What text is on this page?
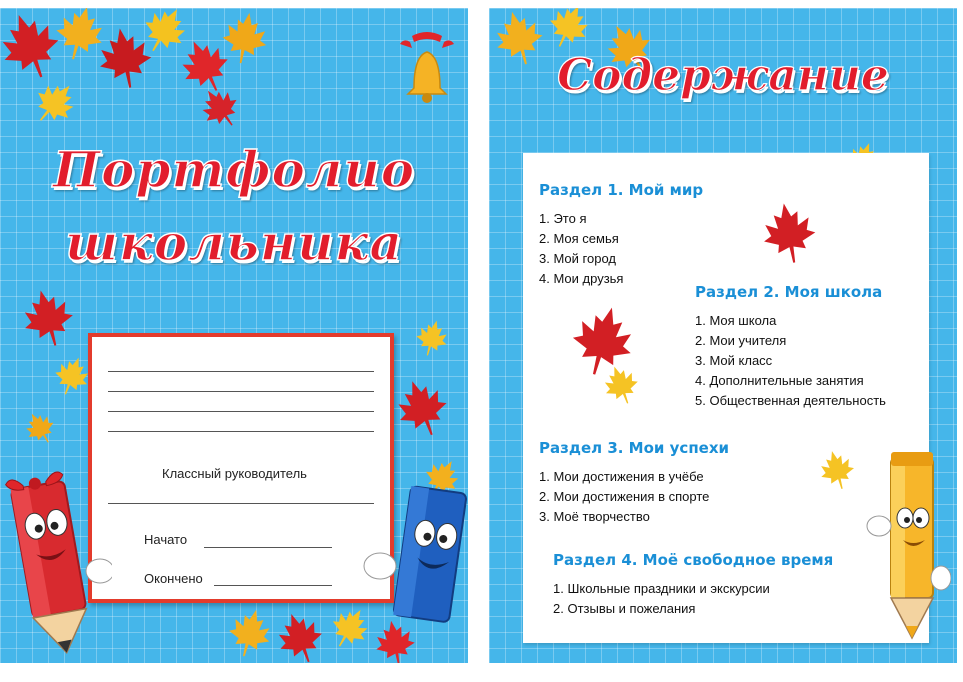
Портфолио
школьника
Классный руководитель
Начато
Окончено
Содержание
Раздел 1. Мой мир
1. Это я
2. Моя семья
3. Мой город
4. Мои друзья
Раздел 2. Моя школа
1. Моя школа
2. Мои учителя
3. Мой класс
4. Дополнительные занятия
5. Общественная деятельность
Раздел 3. Мои успехи
1. Мои достижения в учёбе
2. Мои достижения в спорте
3. Моё творчество
Раздел 4. Моё свободное время
1. Школьные праздники и экскурсии
2. Отзывы и пожелания
